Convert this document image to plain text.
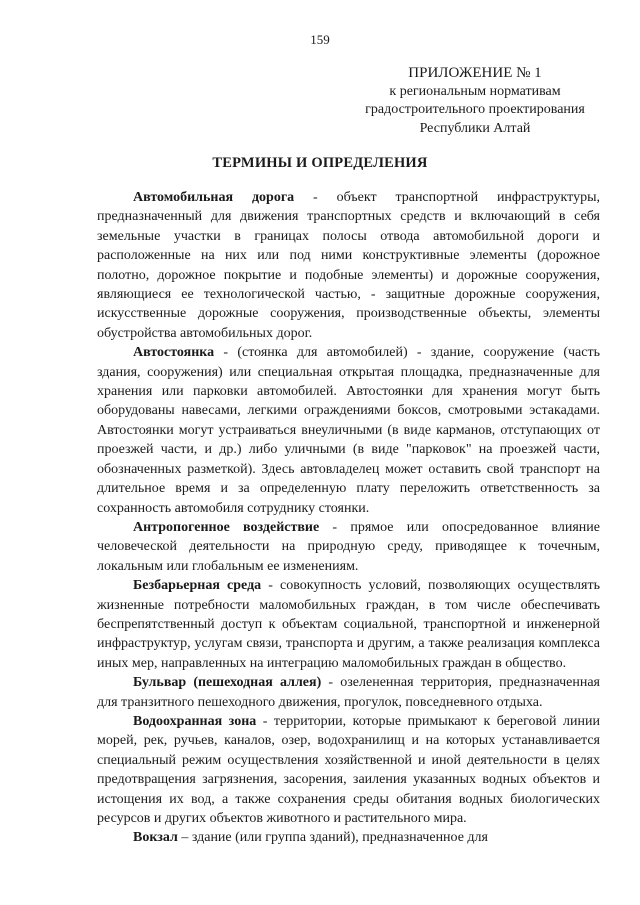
159
ПРИЛОЖЕНИЕ № 1
к региональным нормативам
градостроительного проектирования
Республики Алтай
ТЕРМИНЫ И ОПРЕДЕЛЕНИЯ

Автомобильная дорога - объект транспортной инфраструктуры, предназначенный для движения транспортных средств и включающий в себя земельные участки в границах полосы отвода автомобильной дороги и расположенные на них или под ними конструктивные элементы (дорожное полотно, дорожное покрытие и подобные элементы) и дорожные сооружения, являющиеся ее технологической частью, - защитные дорожные сооружения, искусственные дорожные сооружения, производственные объекты, элементы обустройства автомобильных дорог.

Автостоянка - (стоянка для автомобилей) - здание, сооружение (часть здания, сооружения) или специальная открытая площадка, предназначенные для хранения или парковки автомобилей. Автостоянки для хранения могут быть оборудованы навесами, легкими ограждениями боксов, смотровыми эстакадами. Автостоянки могут устраиваться внеуличными (в виде карманов, отступающих от проезжей части, и др.) либо уличными (в виде "парковок" на проезжей части, обозначенных разметкой). Здесь автовладелец может оставить свой транспорт на длительное время и за определенную плату переложить ответственность за сохранность автомобиля сотруднику стоянки.

Антропогенное воздействие - прямое или опосредованное влияние человеческой деятельности на природную среду, приводящее к точечным, локальным или глобальным ее изменениям.

Безбарьерная среда - совокупность условий, позволяющих осуществлять жизненные потребности маломобильных граждан, в том числе обеспечивать беспрепятственный доступ к объектам социальной, транспортной и инженерной инфраструктур, услугам связи, транспорта и другим, а также реализация комплекса иных мер, направленных на интеграцию маломобильных граждан в общество.

Бульвар (пешеходная аллея) - озелененная территория, предназначенная для транзитного пешеходного движения, прогулок, повседневного отдыха.

Водоохранная зона - территории, которые примыкают к береговой линии морей, рек, ручьев, каналов, озер, водохранилищ и на которых устанавливается специальный режим осуществления хозяйственной и иной деятельности в целях предотвращения загрязнения, засорения, заиления указанных водных объектов и истощения их вод, а также сохранения среды обитания водных биологических ресурсов и других объектов животного и растительного мира.

Вокзал – здание (или группа зданий), предназначенное для
